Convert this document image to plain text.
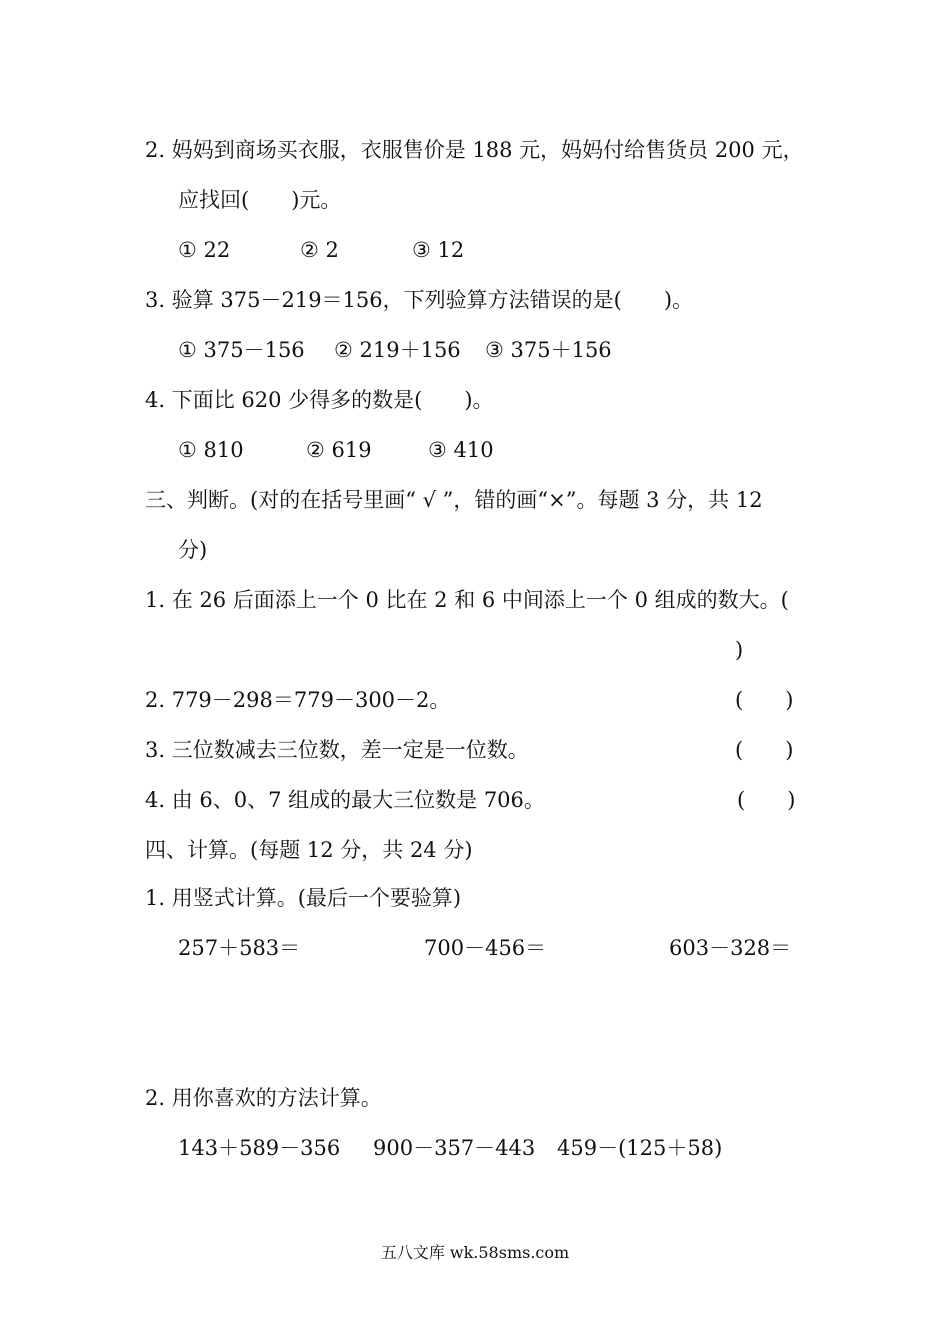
2. 妈妈到商场买衣服，衣服售价是 188 元，妈妈付给售货员 200 元，
应找回(　　)元。
① 22	② 2	③ 12
3. 验算 375－219＝156，下列验算方法错误的是(　　)。
① 375－156 ② 219＋156 ③ 375＋156
4. 下面比 620 少得多的数是(　　)。
① 810	② 619	③ 410
三、判断。(对的在括号里画“ √ ”，错的画“×”。每题 3 分，共 12
分)
1. 在 26 后面添上一个 0 比在 2 和 6 中间添上一个 0 组成的数大。(
)
2. 779－298＝779－300－2。	(　　)
3. 三位数减去三位数，差一定是一位数。	(　　)
4. 由 6、0、7 组成的最大三位数是 706。	(　　)
四、计算。(每题 12 分，共 24 分)
1. 用竖式计算。(最后一个要验算)
257＋583＝	700－456＝	603－328＝
2. 用你喜欢的方法计算。
143＋589－356 900－357－443 459－(125＋58)
五八文库 wk.58sms.com
